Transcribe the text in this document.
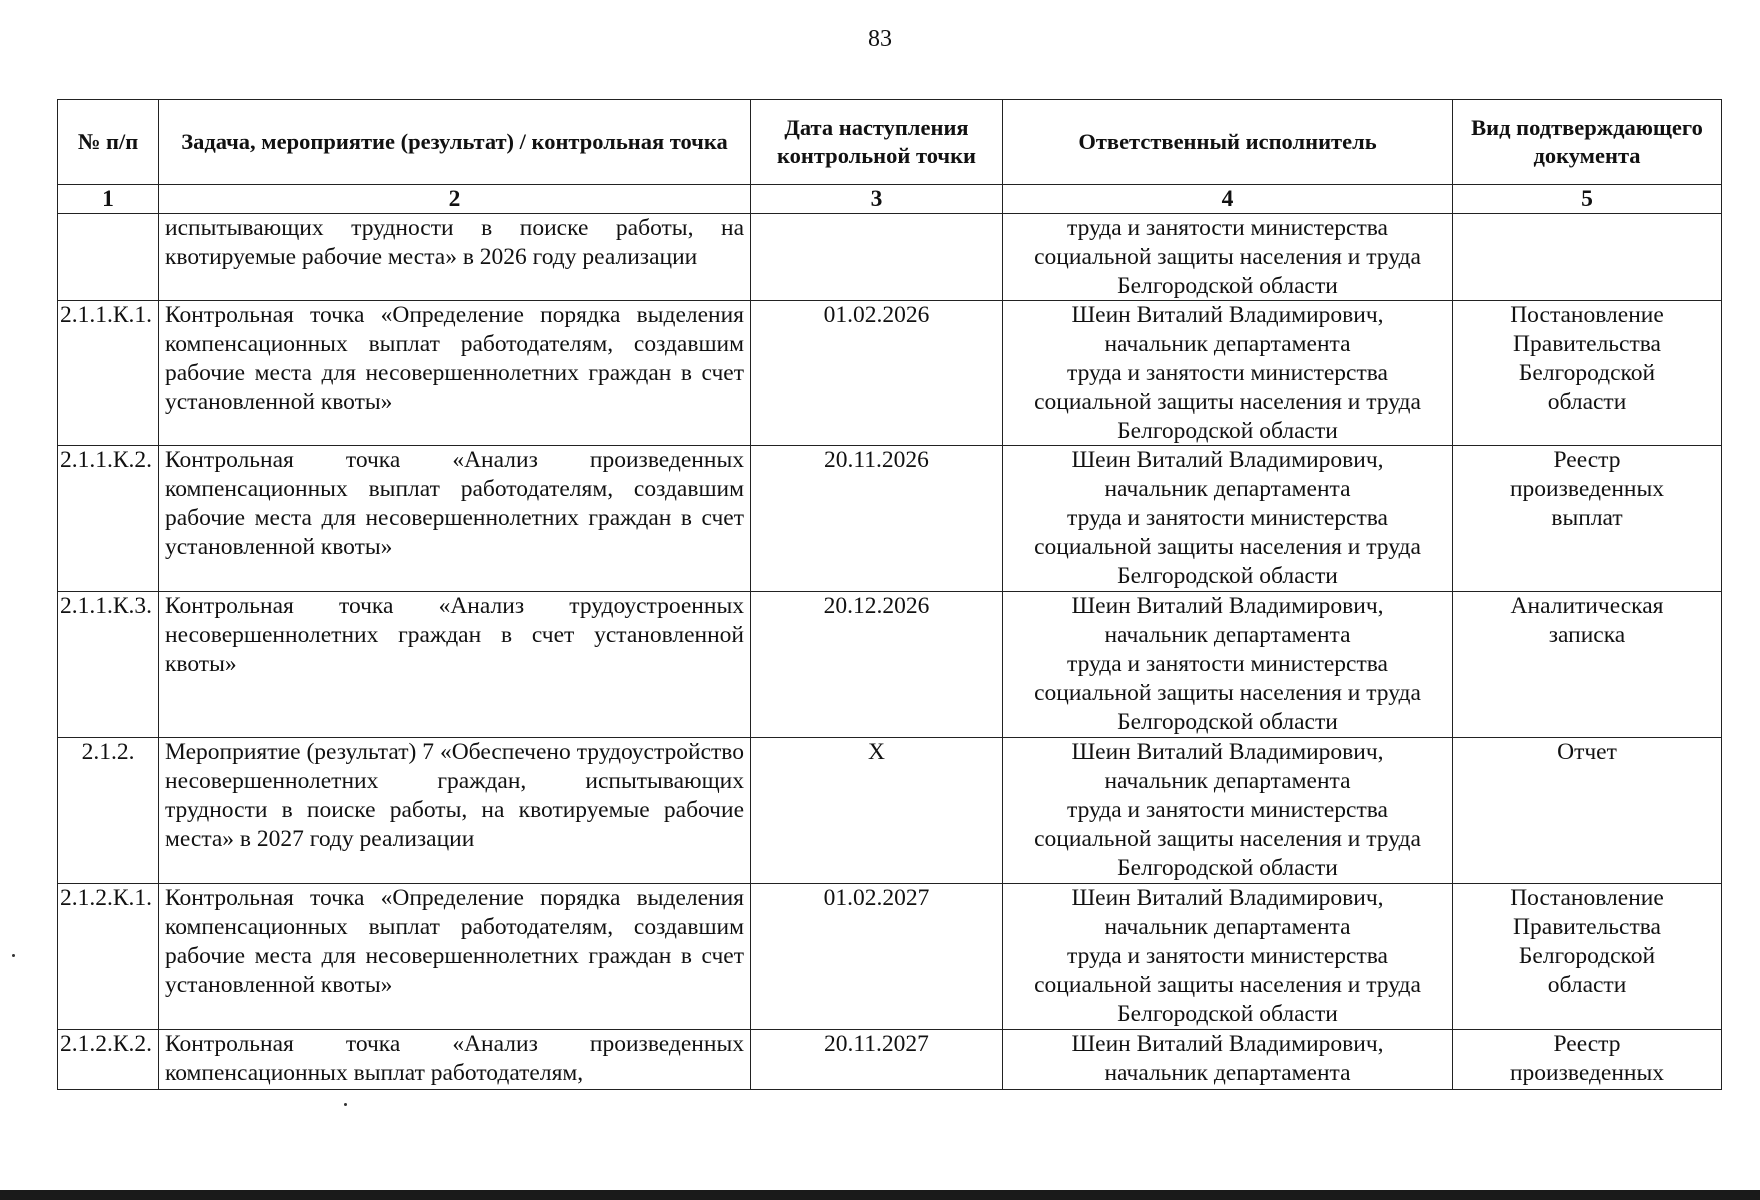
83
№ п/п	Задача, мероприятие (результат) / контрольная точка	Дата наступления контрольной точки	Ответственный исполнитель	Вид подтверждающего документа
1	2	3	4	5
	испытывающих трудности в поиске работы, на квотируемые рабочие места» в 2026 году реализации		труда и занятости министерства
социальной защиты населения и труда
Белгородской области	

2.1.1.К.1.	Контрольная точка «Определение порядка выделения компенсационных выплат работодателям, создавшим рабочие места для несовершеннолетних граждан в счет установленной квоты»	01.02.2026	Шеин Виталий Владимирович,
начальник департамента
труда и занятости министерства
социальной защиты населения и труда
Белгородской области	Постановление
Правительства
Белгородской
области

2.1.1.К.2.	Контрольная точка «Анализ произведенных компенсационных выплат работодателям, создавшим рабочие места для несовершеннолетних граждан в счет установленной квоты»	20.11.2026	Шеин Виталий Владимирович,
начальник департамента
труда и занятости министерства
социальной защиты населения и труда
Белгородской области	Реестр
произведенных
выплат

2.1.1.К.3.	Контрольная точка «Анализ трудоустроенных несовершеннолетних граждан в счет установленной квоты»	20.12.2026	Шеин Виталий Владимирович,
начальник департамента
труда и занятости министерства
социальной защиты населения и труда
Белгородской области	Аналитическая
записка

2.1.2.	Мероприятие (результат) 7 «Обеспечено трудоустройство несовершеннолетних граждан, испытывающих трудности в поиске работы, на квотируемые рабочие места» в 2027 году реализации	Х	Шеин Виталий Владимирович,
начальник департамента
труда и занятости министерства
социальной защиты населения и труда
Белгородской области	Отчет

2.1.2.К.1.	Контрольная точка «Определение порядка выделения компенсационных выплат работодателям, создавшим рабочие места для несовершеннолетних граждан в счет установленной квоты»	01.02.2027	Шеин Виталий Владимирович,
начальник департамента
труда и занятости министерства
социальной защиты населения и труда
Белгородской области	Постановление
Правительства
Белгородской
области

2.1.2.К.2.	Контрольная точка «Анализ произведенных компенсационных выплат работодателям,	20.11.2027	Шеин Виталий Владимирович,
начальник департамента	Реестр
произведенных
